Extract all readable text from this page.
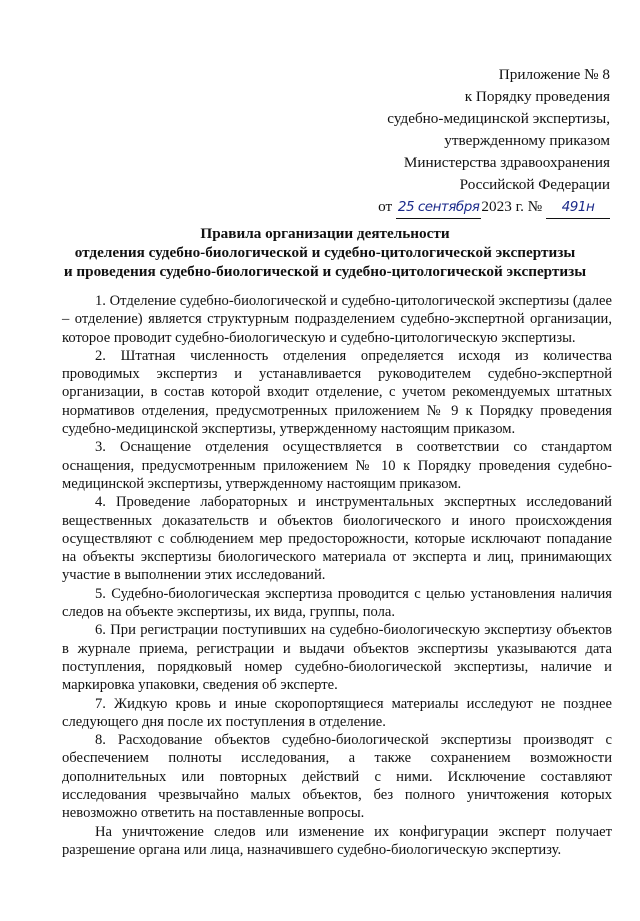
Приложение № 8
к Порядку проведения
судебно-медицинской экспертизы,
утвержденному приказом
Министерства здравоохранения
Российской Федерации
от 25 сентября 2023 г. № 491н
Правила организации деятельности
отделения судебно-биологической и судебно-цитологической экспертизы
и проведения судебно-биологической и судебно-цитологической экспертизы

1. Отделение судебно-биологической и судебно-цитологической экспертизы (далее – отделение) является структурным подразделением судебно-экспертной организации, которое проводит судебно-биологическую и судебно-цитологическую экспертизы.

2. Штатная численность отделения определяется исходя из количества проводимых экспертиз и устанавливается руководителем судебно-экспертной организации, в состав которой входит отделение, с учетом рекомендуемых штатных нормативов отделения, предусмотренных приложением № 9 к Порядку проведения судебно-медицинской экспертизы, утвержденному настоящим приказом.

3. Оснащение отделения осуществляется в соответствии со стандартом оснащения, предусмотренным приложением № 10 к Порядку проведения судебно-медицинской экспертизы, утвержденному настоящим приказом.

4. Проведение лабораторных и инструментальных экспертных исследований вещественных доказательств и объектов биологического и иного происхождения осуществляют с соблюдением мер предосторожности, которые исключают попадание на объекты экспертизы биологического материала от эксперта и лиц, принимающих участие в выполнении этих исследований.

5. Судебно-биологическая экспертиза проводится с целью установления наличия следов на объекте экспертизы, их вида, группы, пола.

6. При регистрации поступивших на судебно-биологическую экспертизу объектов в журнале приема, регистрации и выдачи объектов экспертизы указываются дата поступления, порядковый номер судебно-биологической экспертизы, наличие и маркировка упаковки, сведения об эксперте.

7. Жидкую кровь и иные скоропортящиеся материалы исследуют не позднее следующего дня после их поступления в отделение.

8. Расходование объектов судебно-биологической экспертизы производят с обеспечением полноты исследования, а также сохранением возможности дополнительных или повторных действий с ними. Исключение составляют исследования чрезвычайно малых объектов, без полного уничтожения которых невозможно ответить на поставленные вопросы.

На уничтожение следов или изменение их конфигурации эксперт получает разрешение органа или лица, назначившего судебно-биологическую экспертизу.
